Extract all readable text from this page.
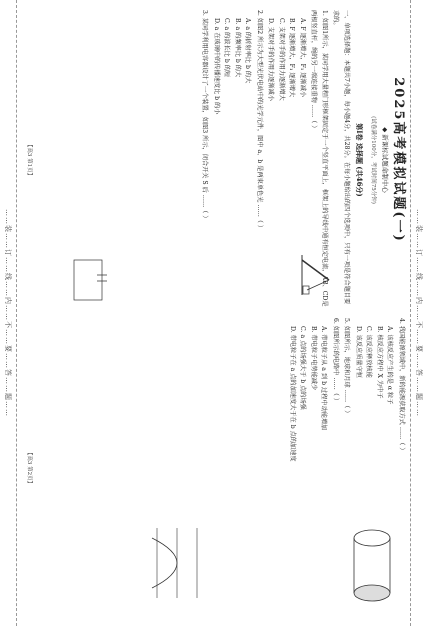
……装……订……线……内……不……要……答……题……
……装……订……线……内……不……要……答……题……
2025高考模拟试题(一)
◆ 新课标试题命制中心
(试卷满分100分，考试时间75分钟)
第Ⅰ卷 选择题 (共46分)
一、单项选择题：本题共7小题，每小题4分，共28分。在每小题给出的四个选项中，只有一项是符合题目要求的。
1. 如图1所示，某同学用大量程门形框架固定于一个竖直平面上，框架上的导线中通有恒定电流，AB、CD是两根竖直杆，绳的另一端连接重物 ……（ ）
A. F 逐渐增大，F₁ 逐渐减小
B. F 逐渐增大，F₁ 逐渐增大
C. 支架对手的作用力逐渐增大
D. 支架对手的作用力逐渐减小
2. 如图2 所示为大型光伏电站中的光学元件，图中 a、b 是两束单色光 ……（ ）
A. a 的折射率比 b 的大
B. a 的频率比 b 的大
C. a 的波长比 b 的短
D. a 在玻璃中的传播速度比 b 的小
3. 某同学利用电容器设计了一个装置，如图3 所示，闭合开关 S 后 ……（ ）
【高3 第1页】
4. 我国能源领域中，新的能源获取方式 ……（ ）
A. 该核反应产生的是 α 粒子
B. 核反应方程中 X 为中子
C. 该反应释放核能
D. 该反应质量守恒
5. 如图所示，地球和月球 ……（ ）
6. 如图所示的电路中 ……（ ）
A. 带电粒子从 a 到 b 过程中动能增加
B. 带电粒子电势能减少
C. a 点的场强大于 b 点的场强
D. 带电粒子在 a 点的加速度大于在 b 点的加速度
【高3 第2页】
